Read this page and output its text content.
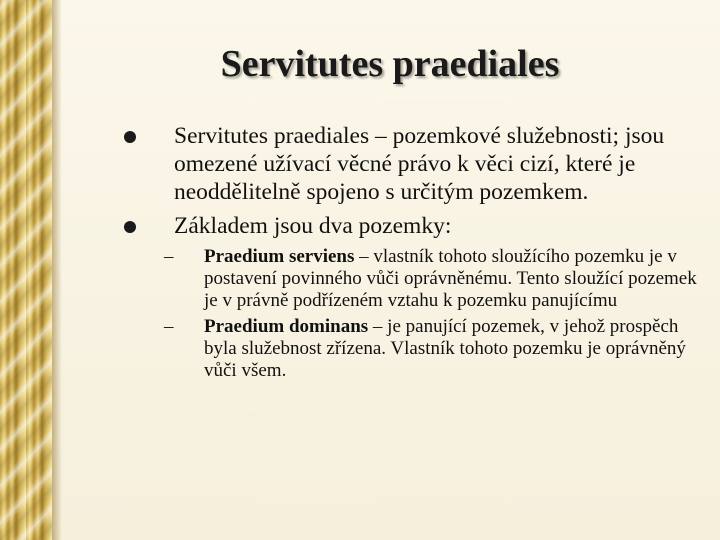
Servitutes praediales
Servitutes praediales – pozemkové služebnosti; jsou omezené užívací věcné právo k věci cizí, které je neoddělitelně spojeno s určitým pozemkem.
Základem jsou dva pozemky:
– Praedium serviens – vlastník tohoto sloužícího pozemku je v postavení povinného vůči oprávněnému. Tento sloužící pozemek je v právně podřízeném vztahu k pozemku panujícímu
– Praedium dominans – je panující pozemek, v jehož prospěch byla služebnost zřízena. Vlastník tohoto pozemku je oprávněný vůči všem.
